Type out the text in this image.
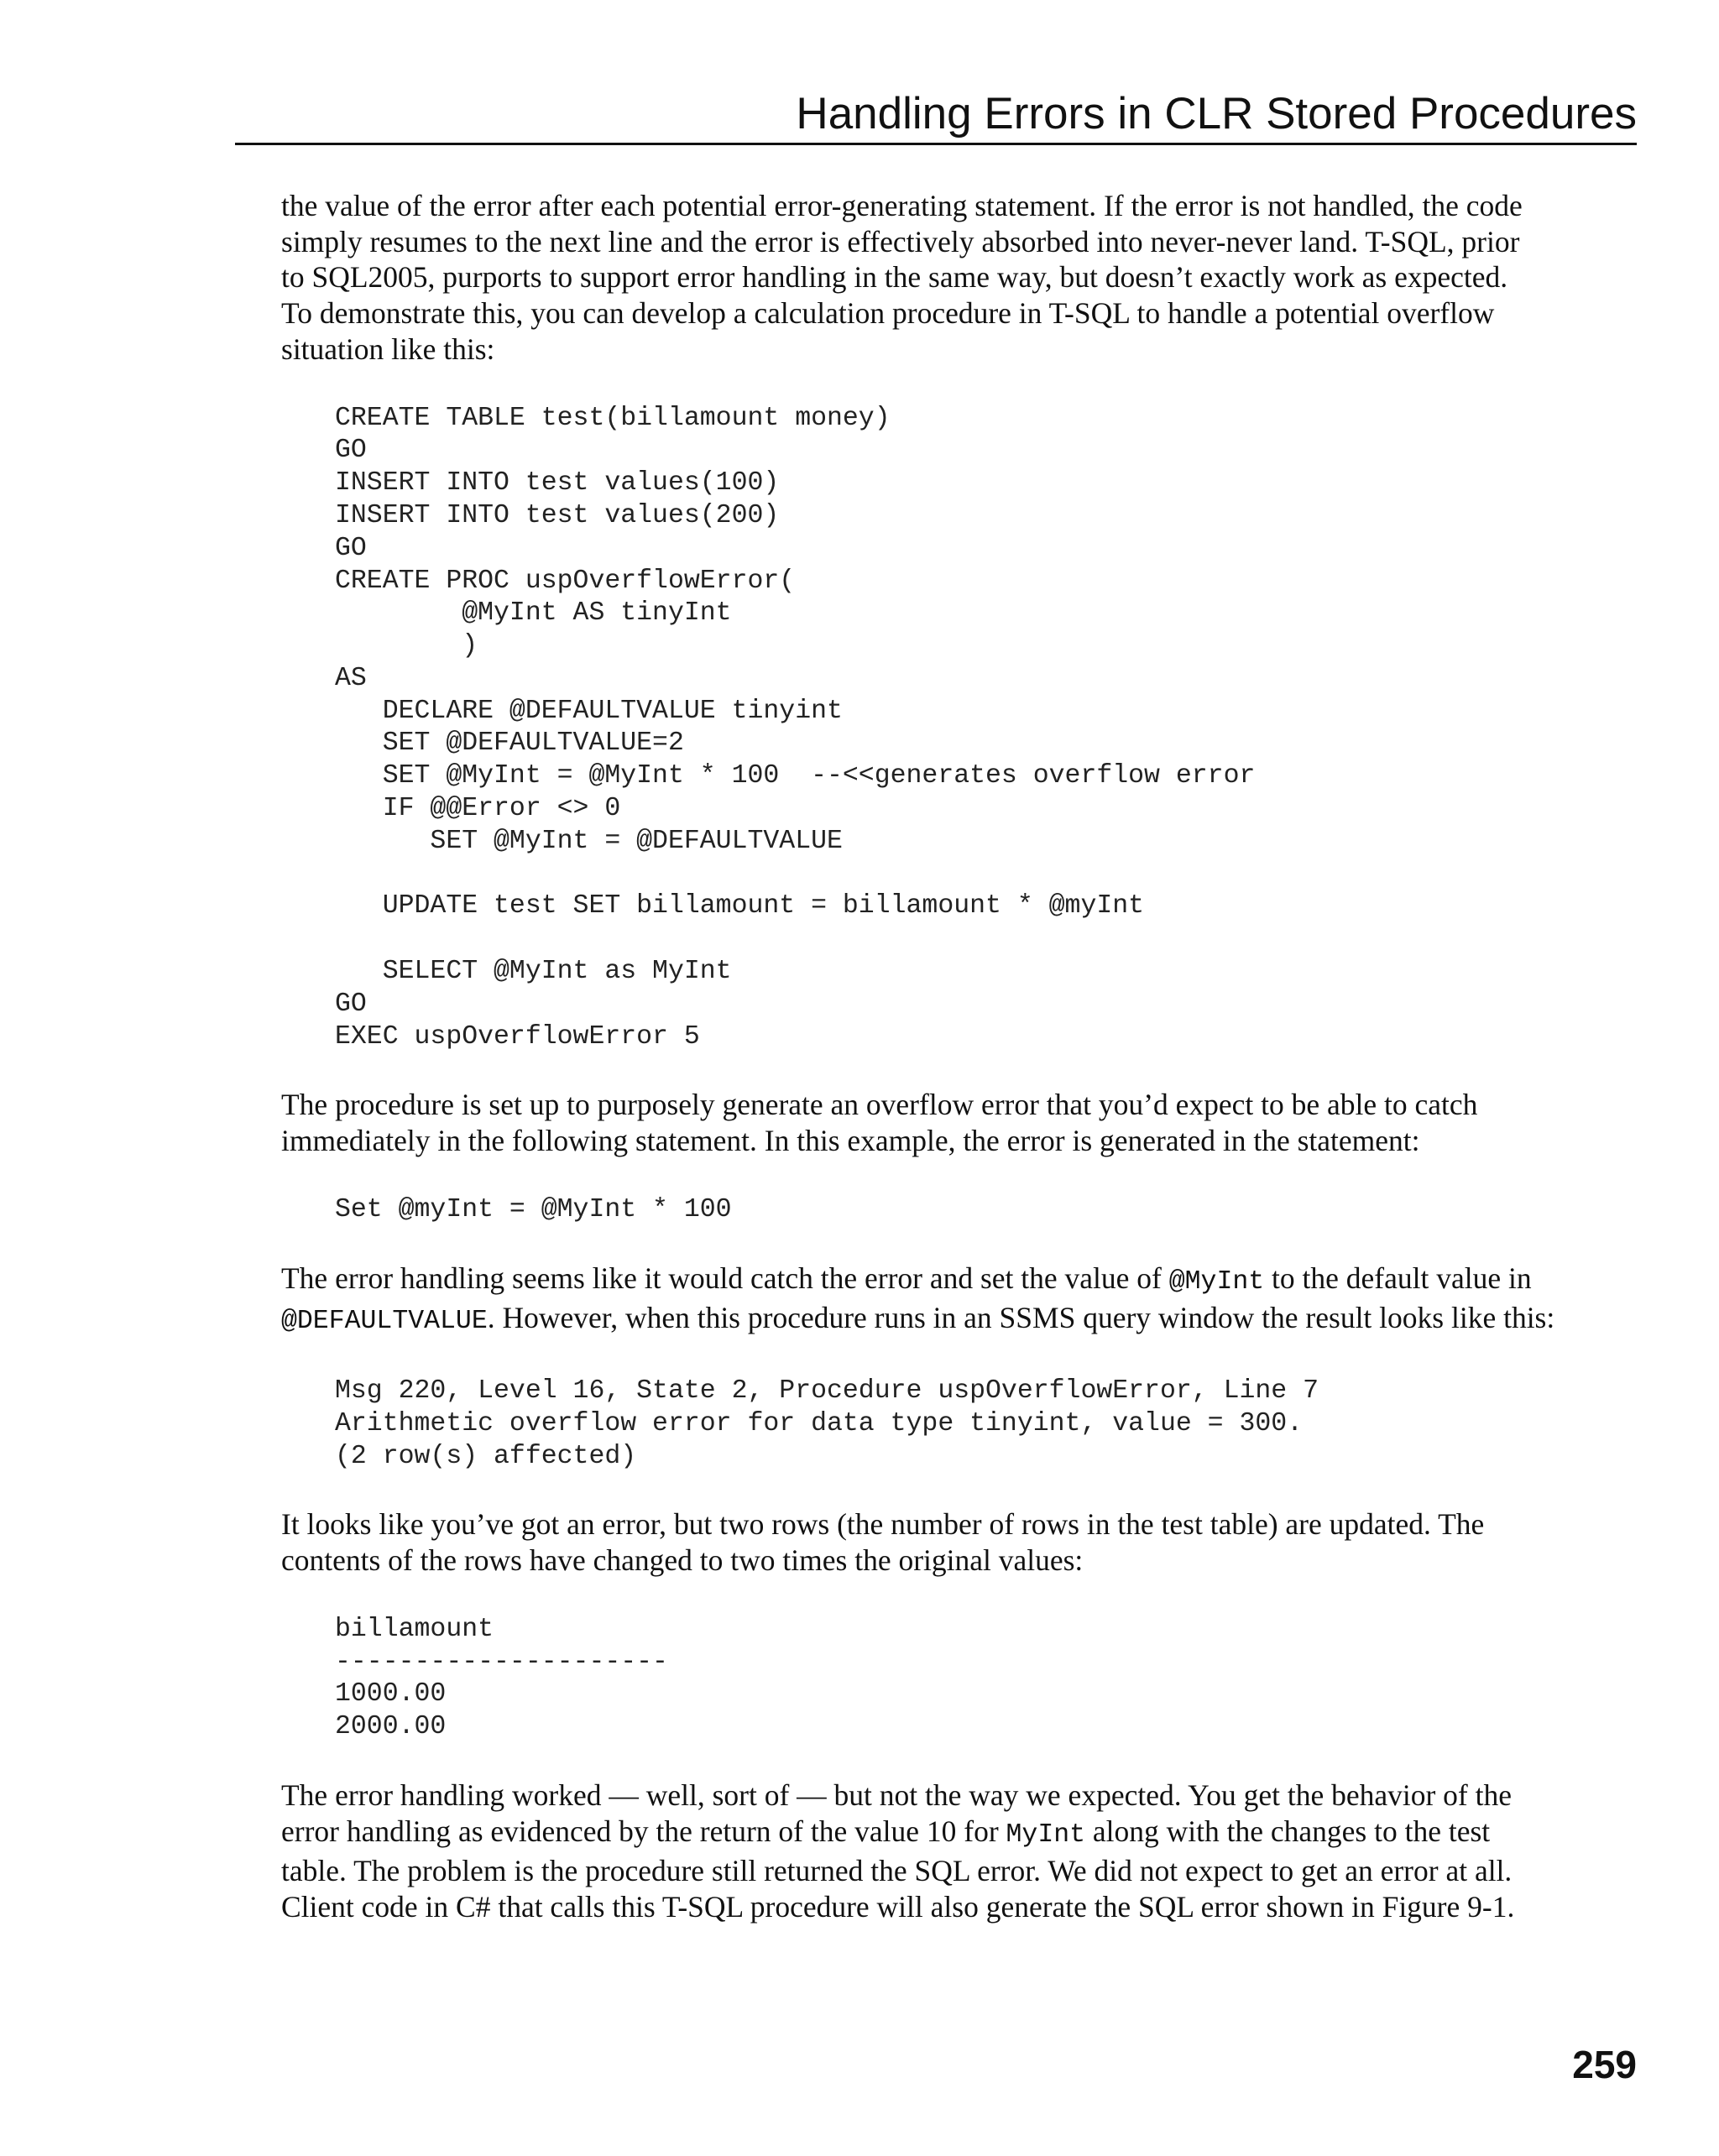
Handling Errors in CLR Stored Procedures

the value of the error after each potential error-generating statement. If the error is not handled, the code
simply resumes to the next line and the error is effectively absorbed into never-never land. T-SQL, prior
to SQL2005, purports to support error handling in the same way, but doesn’t exactly work as expected.
To demonstrate this, you can develop a calculation procedure in T-SQL to handle a potential overflow
situation like this:

CREATE TABLE test(billamount money)
GO
INSERT INTO test values(100)
INSERT INTO test values(200)
GO
CREATE PROC uspOverflowError(
@MyInt AS tinyInt
)
AS
DECLARE @DEFAULTVALUE tinyint
SET @DEFAULTVALUE=2
SET @MyInt = @MyInt * 100  --<<generates overflow error
IF @@Error <> 0
SET @MyInt = @DEFAULTVALUE

UPDATE test SET billamount = billamount * @myInt

SELECT @MyInt as MyInt
GO
EXEC uspOverflowError 5

The procedure is set up to purposely generate an overflow error that you’d expect to be able to catch
immediately in the following statement. In this example, the error is generated in the statement:

Set @myInt = @MyInt * 100

The error handling seems like it would catch the error and set the value of @MyInt to the default value in
@DEFAULTVALUE. However, when this procedure runs in an SSMS query window the result looks like this:

Msg 220, Level 16, State 2, Procedure uspOverflowError, Line 7
Arithmetic overflow error for data type tinyint, value = 300.
(2 row(s) affected)

It looks like you’ve got an error, but two rows (the number of rows in the test table) are updated. The
contents of the rows have changed to two times the original values:

billamount
---------------------
1000.00
2000.00

The error handling worked — well, sort of — but not the way we expected. You get the behavior of the
error handling as evidenced by the return of the value 10 for MyInt along with the changes to the test
table. The problem is the procedure still returned the SQL error. We did not expect to get an error at all.
Client code in C# that calls this T-SQL procedure will also generate the SQL error shown in Figure 9-1.

259
